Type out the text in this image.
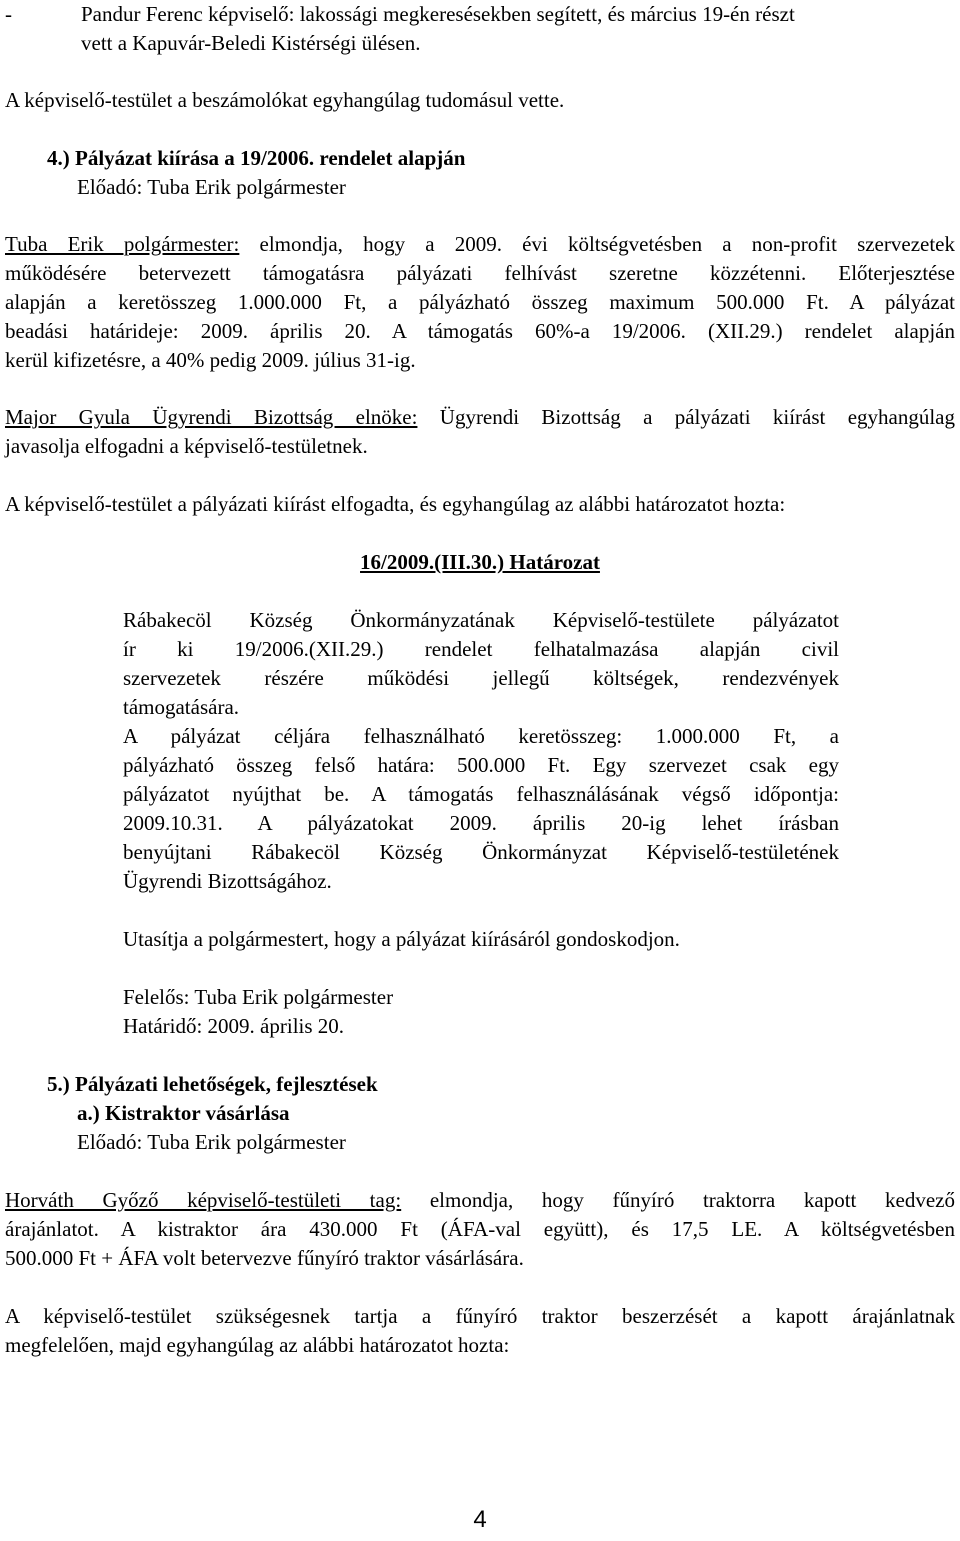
-	Pandur Ferenc képviselő: lakossági megkeresésekben segített, és március 19-én részt
vett a Kapuvár-Beledi Kistérségi ülésen.
A képviselő-testület a beszámolókat egyhangúlag tudomásul vette.
4.) Pályázat kiírása a 19/2006. rendelet alapján
Előadó: Tuba Erik polgármester
Tuba Erik polgármester: elmondja, hogy a 2009. évi költségvetésben a non-profit szervezetek
működésére betervezett támogatásra pályázati felhívást szeretne közzétenni. Előterjesztése
alapján a keretösszeg 1.000.000 Ft, a pályázható összeg maximum 500.000 Ft. A pályázat
beadási határideje: 2009. április 20. A támogatás 60%-a 19/2006. (XII.29.) rendelet alapján
kerül kifizetésre, a 40% pedig 2009. július 31-ig.
Major Gyula Ügyrendi Bizottság elnöke: Ügyrendi Bizottság a pályázati kiírást egyhangúlag
javasolja elfogadni a képviselő-testületnek.
A képviselő-testület a pályázati kiírást elfogadta, és egyhangúlag az alábbi határozatot hozta:
16/2009.(III.30.) Határozat
Rábakecöl Község Önkormányzatának Képviselő-testülete pályázatot
ír ki 19/2006.(XII.29.) rendelet felhatalmazása alapján civil
szervezetek részére működési jellegű költségek, rendezvények
támogatására.
A pályázat céljára felhasználható keretösszeg: 1.000.000 Ft, a
pályázható összeg felső határa: 500.000 Ft. Egy szervezet csak egy
pályázatot nyújthat be. A támogatás felhasználásának végső időpontja:
2009.10.31. A pályázatokat 2009. április 20-ig lehet írásban
benyújtani Rábakecöl Község Önkormányzat Képviselő-testületének
Ügyrendi Bizottságához.
Utasítja a polgármestert, hogy a pályázat kiírásáról gondoskodjon.
Felelős: Tuba Erik polgármester
Határidő: 2009. április 20.
5.) Pályázati lehetőségek, fejlesztések
a.) Kistraktor vásárlása
Előadó: Tuba Erik polgármester
Horváth Győző képviselő-testületi tag: elmondja, hogy fűnyíró traktorra kapott kedvező
árajánlatot. A kistraktor ára 430.000 Ft (ÁFA-val együtt), és 17,5 LE. A költségvetésben
500.000 Ft + ÁFA volt betervezve fűnyíró traktor vásárlására.
A képviselő-testület szükségesnek tartja a fűnyíró traktor beszerzését a kapott árajánlatnak
megfelelően, majd egyhangúlag az alábbi határozatot hozta:
4
